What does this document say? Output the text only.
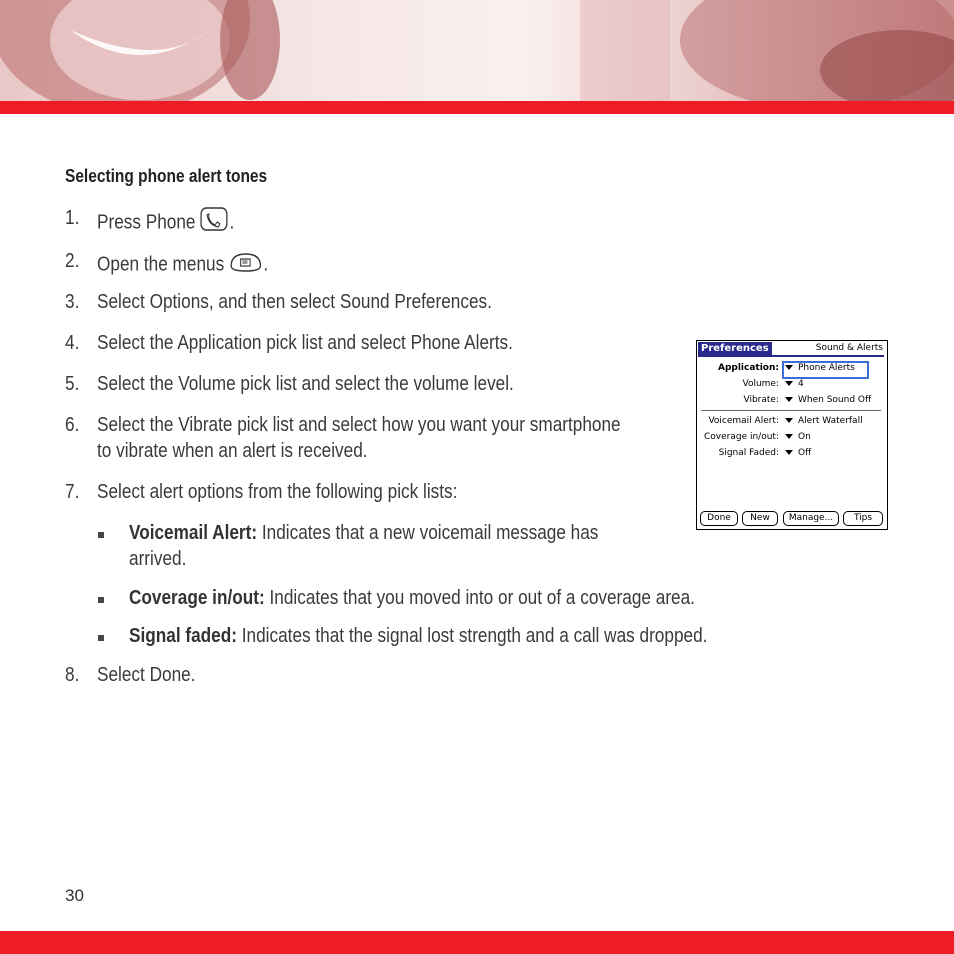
Selecting phone alert tones
1. Press Phone .
2. Open the menus .
3. Select Options, and then select Sound Preferences.
4. Select the Application pick list and select Phone Alerts.
5. Select the Volume pick list and select the volume level.
6. Select the Vibrate pick list and select how you want your smartphone
to vibrate when an alert is received.
7. Select alert options from the following pick lists:
Voicemail Alert: Indicates that a new voicemail message has
arrived.
Coverage in/out: Indicates that you moved into or out of a coverage area.
Signal faded: Indicates that the signal lost strength and a call was dropped.
8. Select Done.
Preferences	Sound & Alerts
Application:	Phone Alerts
Volume:	4
Vibrate:	When Sound Off
Voicemail Alert:	Alert Waterfall
Coverage in/out:	On
Signal Faded:	Off
Done	New	Manage...	Tips
30
